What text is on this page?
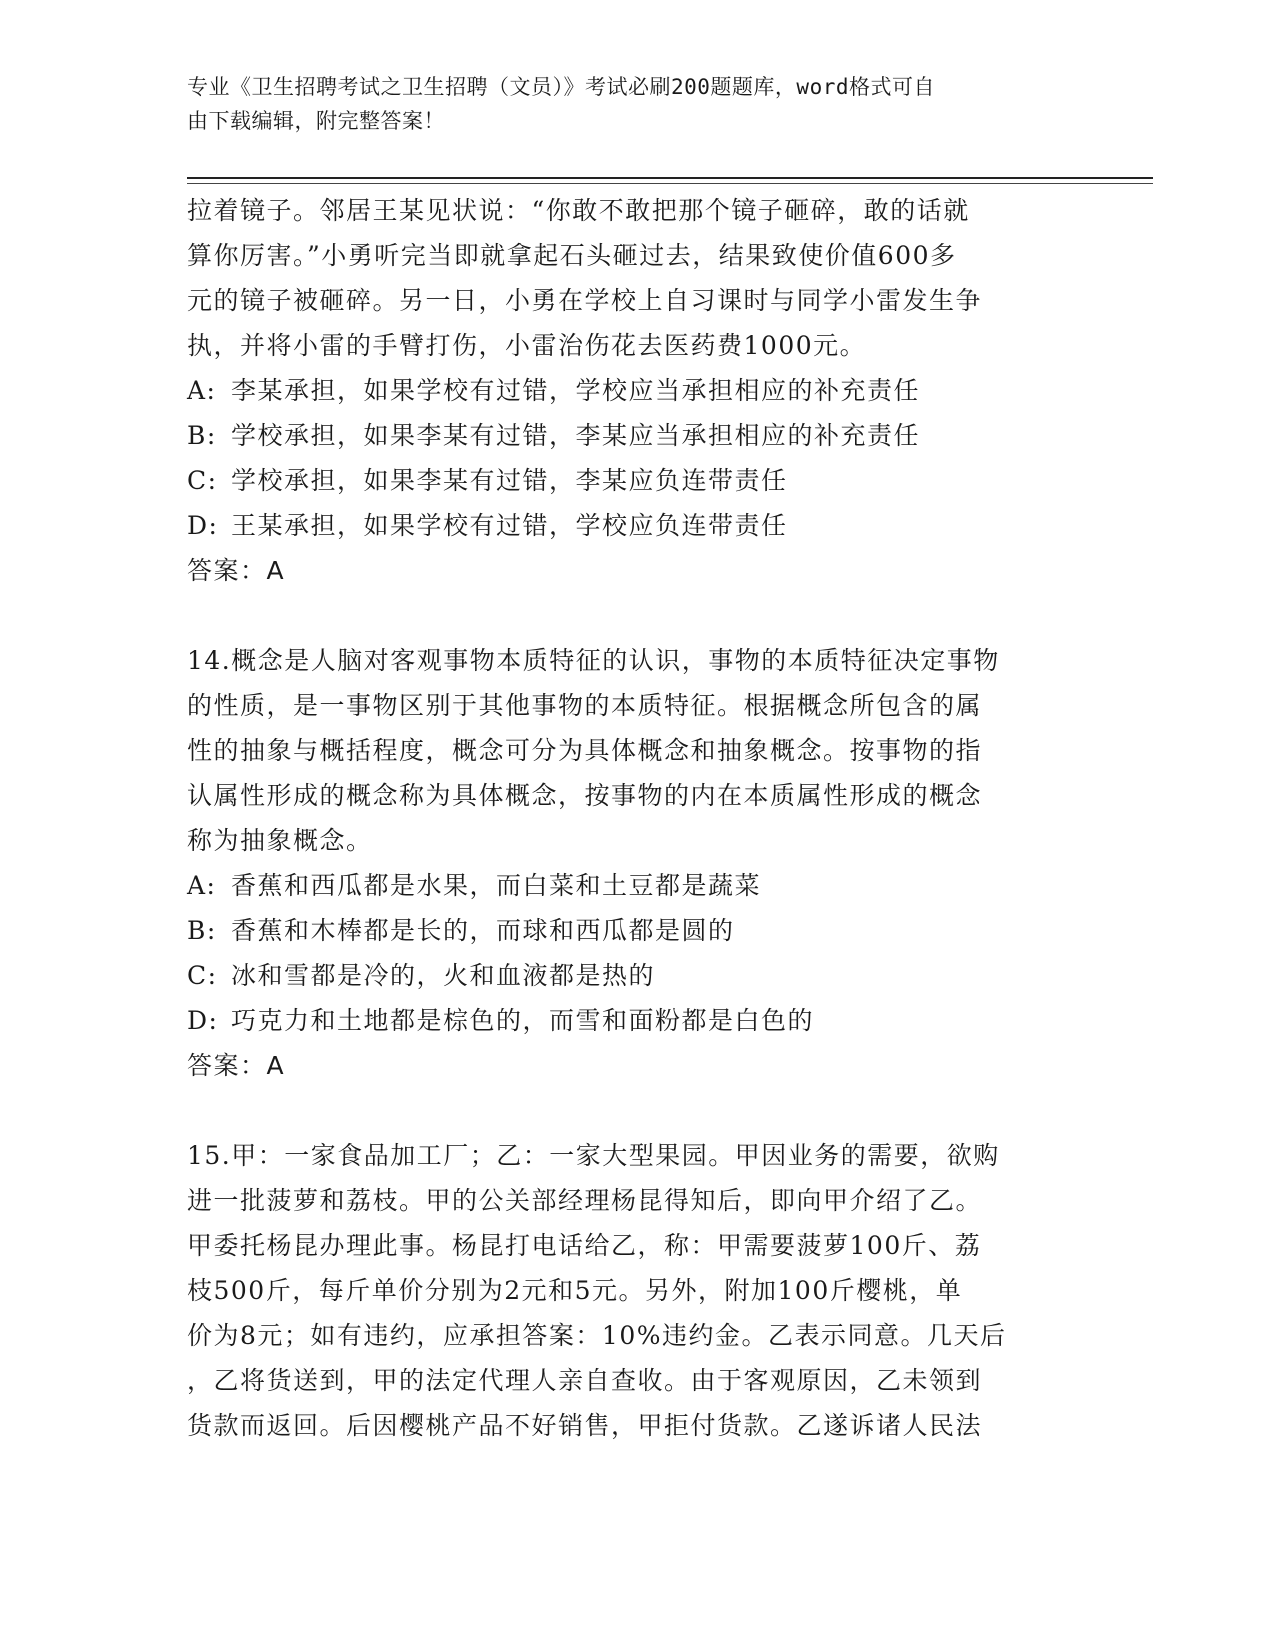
专业《卫生招聘考试之卫生招聘（文员）》考试必刷200题题库，word格式可自
由下载编辑，附完整答案！

拉着镜子。邻居王某见状说：“你敢不敢把那个镜子砸碎，敢的话就

算你厉害。”小勇听完当即就拿起石头砸过去，结果致使价值600多

元的镜子被砸碎。另一日，小勇在学校上自习课时与同学小雷发生争

执，并将小雷的手臂打伤，小雷治伤花去医药费1000元。

A: 李某承担，如果学校有过错，学校应当承担相应的补充责任

B: 学校承担，如果李某有过错，李某应当承担相应的补充责任

C: 学校承担，如果李某有过错，李某应负连带责任

D: 王某承担，如果学校有过错，学校应负连带责任

答案：A

14.概念是人脑对客观事物本质特征的认识，事物的本质特征决定事物

的性质，是一事物区别于其他事物的本质特征。根据概念所包含的属

性的抽象与概括程度，概念可分为具体概念和抽象概念。按事物的指

认属性形成的概念称为具体概念，按事物的内在本质属性形成的概念

称为抽象概念。

A: 香蕉和西瓜都是水果，而白菜和土豆都是蔬菜

B: 香蕉和木棒都是长的，而球和西瓜都是圆的

C: 冰和雪都是冷的，火和血液都是热的

D: 巧克力和土地都是棕色的，而雪和面粉都是白色的

答案：A

15.甲：一家食品加工厂；乙：一家大型果园。甲因业务的需要，欲购

进一批菠萝和荔枝。甲的公关部经理杨昆得知后，即向甲介绍了乙。

甲委托杨昆办理此事。杨昆打电话给乙，称：甲需要菠萝100斤、荔

枝500斤，每斤单价分别为2元和5元。另外，附加100斤樱桃，单

价为8元；如有违约，应承担答案：10%违约金。乙表示同意。几天后

，乙将货送到，甲的法定代理人亲自查收。由于客观原因，乙未领到

货款而返回。后因樱桃产品不好销售，甲拒付货款。乙遂诉诸人民法
